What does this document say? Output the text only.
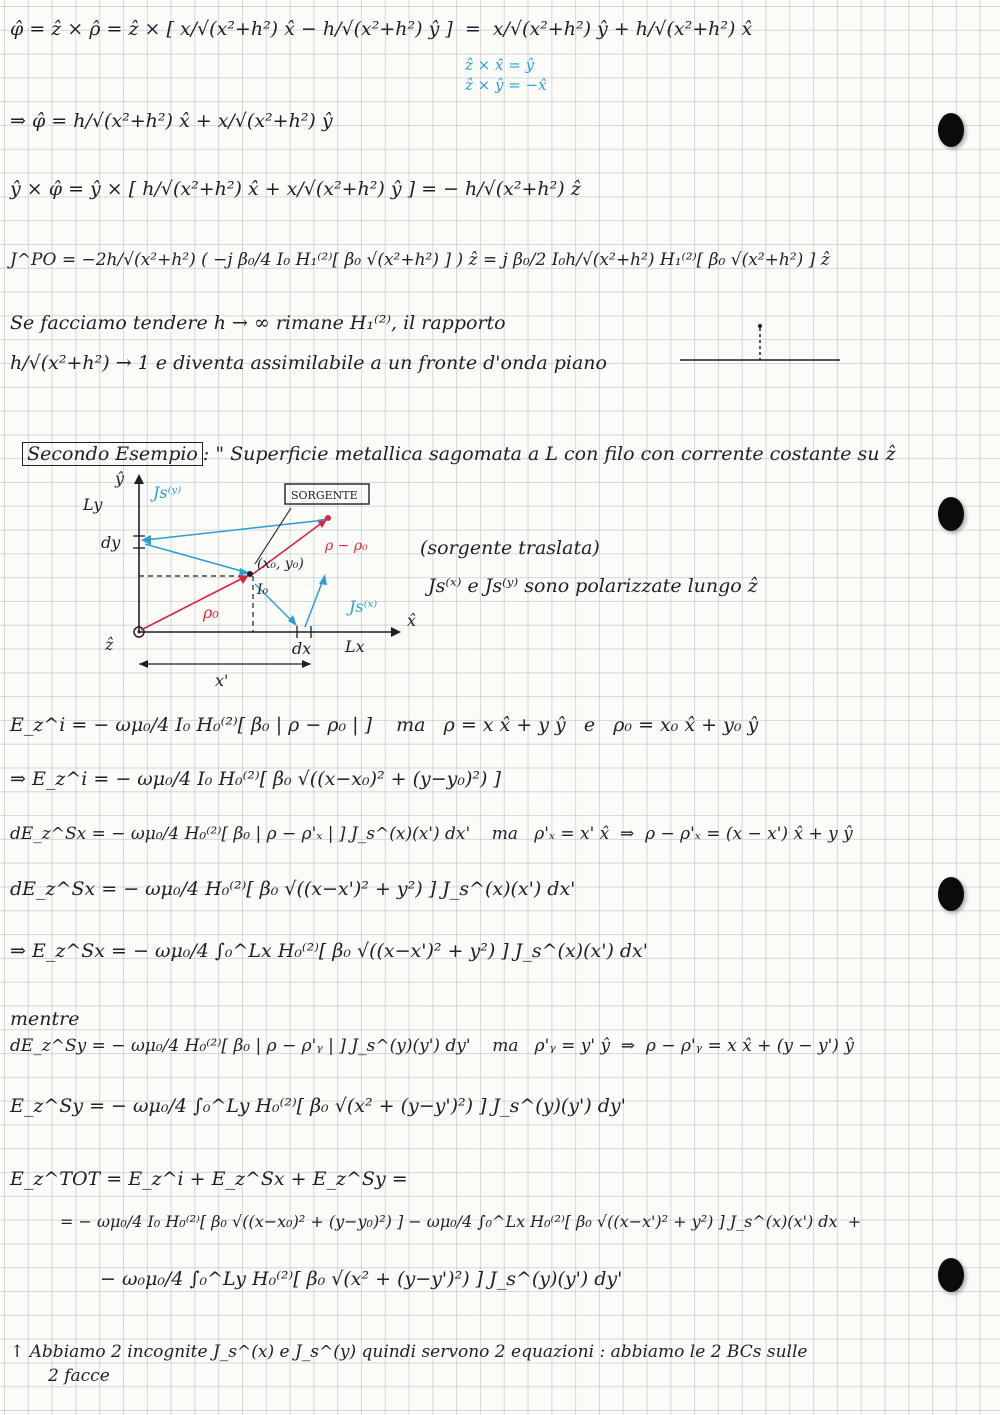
φ̂ = ẑ × ρ̂ = ẑ × [ x/√(x²+h²) x̂ − h/√(x²+h²) ŷ ]  =  x/√(x²+h²) ŷ + h/√(x²+h²) x̂
ẑ × x̂ = ŷ
ẑ × ŷ = −x̂
⇒ φ̂ = h/√(x²+h²) x̂ + x/√(x²+h²) ŷ
ŷ × φ̂ = ŷ × [ h/√(x²+h²) x̂ + x/√(x²+h²) ŷ ] = − h/√(x²+h²) ẑ
J^PO = −2h/√(x²+h²) ( −j β₀/4 I₀ H₁⁽²⁾[ β₀ √(x²+h²) ] ) ẑ = j β₀/2 I₀h/√(x²+h²) H₁⁽²⁾[ β₀ √(x²+h²) ] ẑ
Se facciamo tendere h → ∞ rimane H₁⁽²⁾, il rapporto
h/√(x²+h²) → 1 e diventa assimilabile a un fronte d'onda piano

Secondo Esempio : " Superficie metallica sagomata a L con filo con corrente costante su ẑ

SORGENTE
ŷ
x̂
ẑ
Ly
Lx
dy
dx
x'
(x₀, y₀)
I₀
ρ₀
ρ − ρ₀
Js⁽ʸ⁾
Js⁽ˣ⁾
(sorgente traslata)
Js⁽ˣ⁾ e Js⁽ʸ⁾ sono polarizzate lungo ẑ
E_z^i = − ωμ₀/4 I₀ H₀⁽²⁾[ β₀ | ρ − ρ₀ | ]    ma   ρ = x x̂ + y ŷ   e   ρ₀ = x₀ x̂ + y₀ ŷ
⇒ E_z^i = − ωμ₀/4 I₀ H₀⁽²⁾[ β₀ √((x−x₀)² + (y−y₀)²) ]
dE_z^Sx = − ωμ₀/4 H₀⁽²⁾[ β₀ | ρ − ρ'ₓ | ] J_s^(x)(x') dx'    ma   ρ'ₓ = x' x̂  ⇒  ρ − ρ'ₓ = (x − x') x̂ + y ŷ
dE_z^Sx = − ωμ₀/4 H₀⁽²⁾[ β₀ √((x−x')² + y²) ] J_s^(x)(x') dx'
⇒ E_z^Sx = − ωμ₀/4 ∫₀^Lx H₀⁽²⁾[ β₀ √((x−x')² + y²) ] J_s^(x)(x') dx'
mentre
dE_z^Sy = − ωμ₀/4 H₀⁽²⁾[ β₀ | ρ − ρ'ᵧ | ] J_s^(y)(y') dy'    ma   ρ'ᵧ = y' ŷ  ⇒  ρ − ρ'ᵧ = x x̂ + (y − y') ŷ
E_z^Sy = − ωμ₀/4 ∫₀^Ly H₀⁽²⁾[ β₀ √(x² + (y−y')²) ] J_s^(y)(y') dy'
E_z^TOT = E_z^i + E_z^Sx + E_z^Sy =
= − ωμ₀/4 I₀ H₀⁽²⁾[ β₀ √((x−x₀)² + (y−y₀)²) ] − ωμ₀/4 ∫₀^Lx H₀⁽²⁾[ β₀ √((x−x')² + y²) ] J_s^(x)(x') dx  +
− ω₀μ₀/4 ∫₀^Ly H₀⁽²⁾[ β₀ √(x² + (y−y')²) ] J_s^(y)(y') dy'
↑ Abbiamo 2 incognite J_s^(x) e J_s^(y) quindi servono 2 equazioni : abbiamo le 2 BCs sulle
2 facce
